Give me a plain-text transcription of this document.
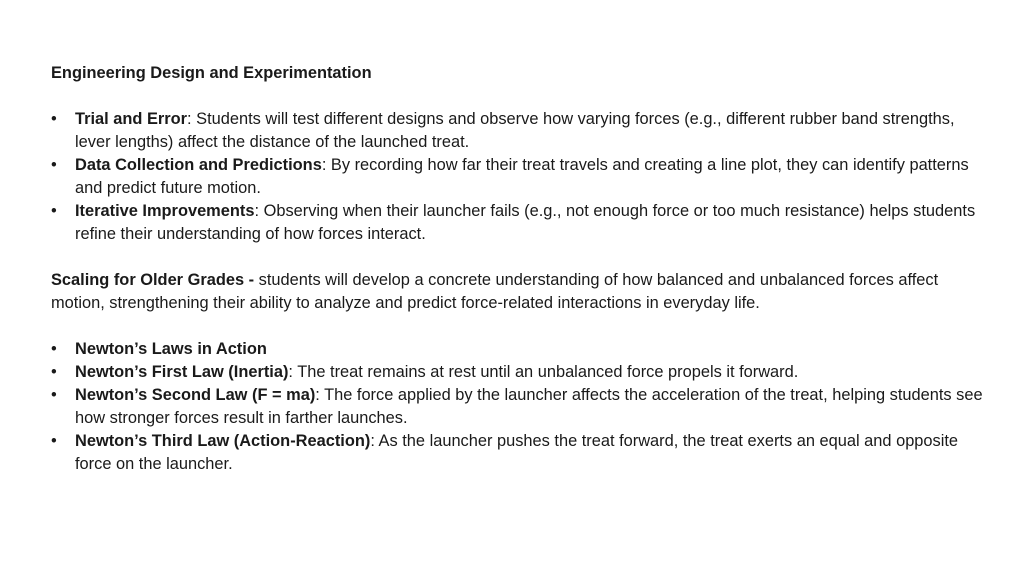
Engineering Design and Experimentation

•	Trial and Error: Students will test different designs and observe how varying forces (e.g., different rubber band strengths, lever lengths) affect the distance of the launched treat.
•	Data Collection and Predictions: By recording how far their treat travels and creating a line plot, they can identify patterns and predict future motion.
•	Iterative Improvements: Observing when their launcher fails (e.g., not enough force or too much resistance) helps students refine their understanding of how forces interact.

Scaling for Older Grades - students will develop a concrete understanding of how balanced and unbalanced forces affect motion, strengthening their ability to analyze and predict force-related interactions in everyday life.

•	Newton’s Laws in Action
•	Newton’s First Law (Inertia): The treat remains at rest until an unbalanced force propels it forward.
•	Newton’s Second Law (F = ma): The force applied by the launcher affects the acceleration of the treat, helping students see how stronger forces result in farther launches.
•	Newton’s Third Law (Action-Reaction): As the launcher pushes the treat forward, the treat exerts an equal and opposite force on the launcher.
